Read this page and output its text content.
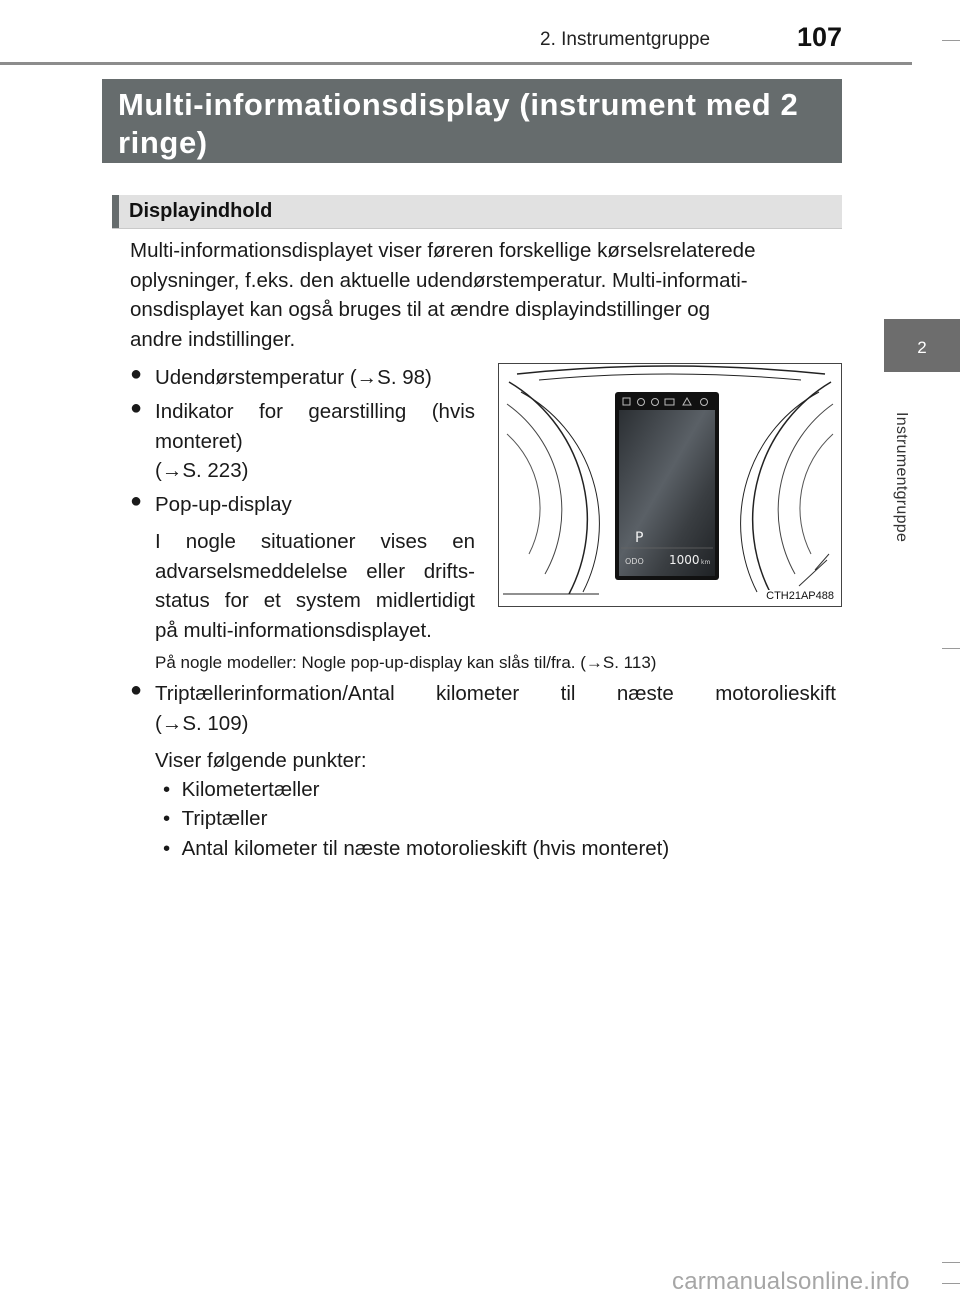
2. Instrumentgruppe	107
2
Instrumentgruppe
Multi-informationsdisplay (instrument med 2 ringe)
Displayindhold
Multi-informationsdisplayet viser føreren forskellige kørselsrelaterede
oplysninger, f.eks. den aktuelle udendørstemperatur. Multi-informati-
onsdisplayet kan også bruges til at ændre displayindstillinger og
andre indstillinger.
● Udendørstemperatur (→S. 98)
● Indikator for gearstilling (hvis
monteret)
(→S. 223)
● Pop-up-display
I nogle situationer vises en
advarselsmeddelelse eller drifts-
status for et system midlertidigt
på multi-informationsdisplayet.
På nogle modeller: Nogle pop-up-display kan slås til/fra. (→S. 113)
● Triptællerinformation/Antal kilometer til næste motorolieskift
(→S. 109)
Viser følgende punkter:
• Kilometertæller
• Triptæller
• Antal kilometer til næste motorolieskift (hvis monteret)
P
ODO 1000 km
CTH21AP488
carmanualsonline.info
